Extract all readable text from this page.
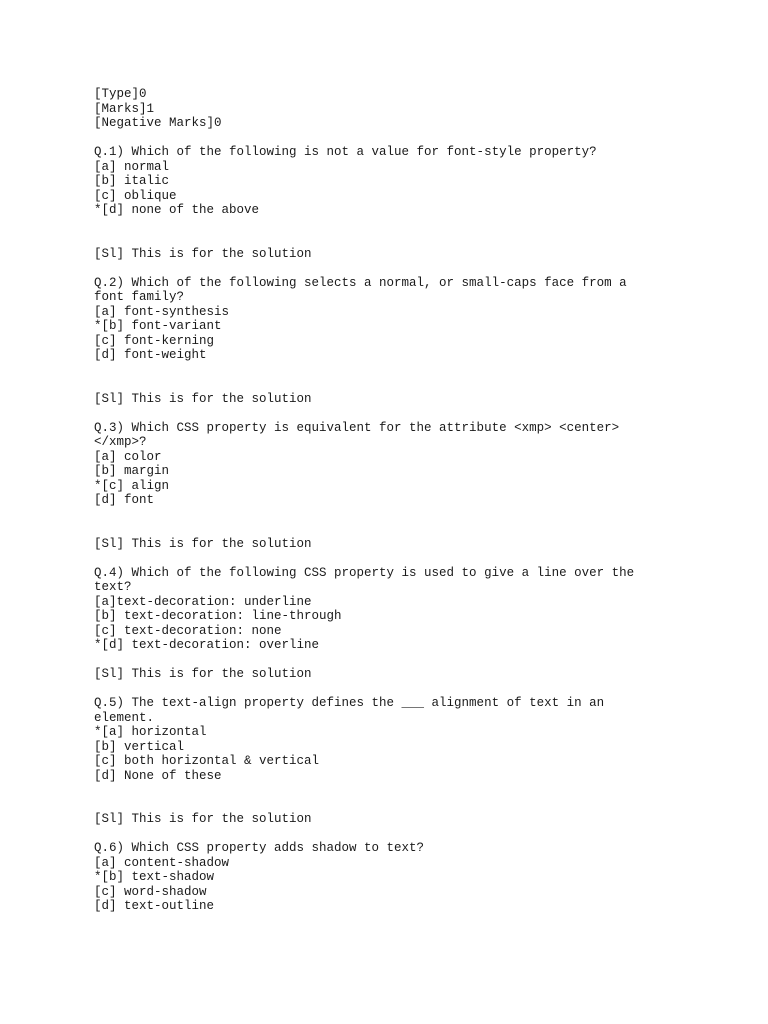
[Type]0
[Marks]1
[Negative Marks]0
Q.1) Which of the following is not a value for font-style property?
[a] normal
[b] italic
[c] oblique
*[d] none of the above
[Sl] This is for the solution
Q.2) Which of the following selects a normal, or small-caps face from a
font family?
[a] font-synthesis
*[b] font-variant
[c] font-kerning
[d] font-weight
[Sl] This is for the solution
Q.3) Which CSS property is equivalent for the attribute <xmp> <center>
</xmp>?
[a] color
[b] margin
*[c] align
[d] font
[Sl] This is for the solution
Q.4) Which of the following CSS property is used to give a line over the
text?
[a]text-decoration: underline
[b] text-decoration: line-through
[c] text-decoration: none
*[d] text-decoration: overline
[Sl] This is for the solution
Q.5) The text-align property defines the ___ alignment of text in an
element.
*[a] horizontal
[b] vertical
[c] both horizontal & vertical
[d] None of these
[Sl] This is for the solution
Q.6) Which CSS property adds shadow to text?
[a] content-shadow
*[b] text-shadow
[c] word-shadow
[d] text-outline
